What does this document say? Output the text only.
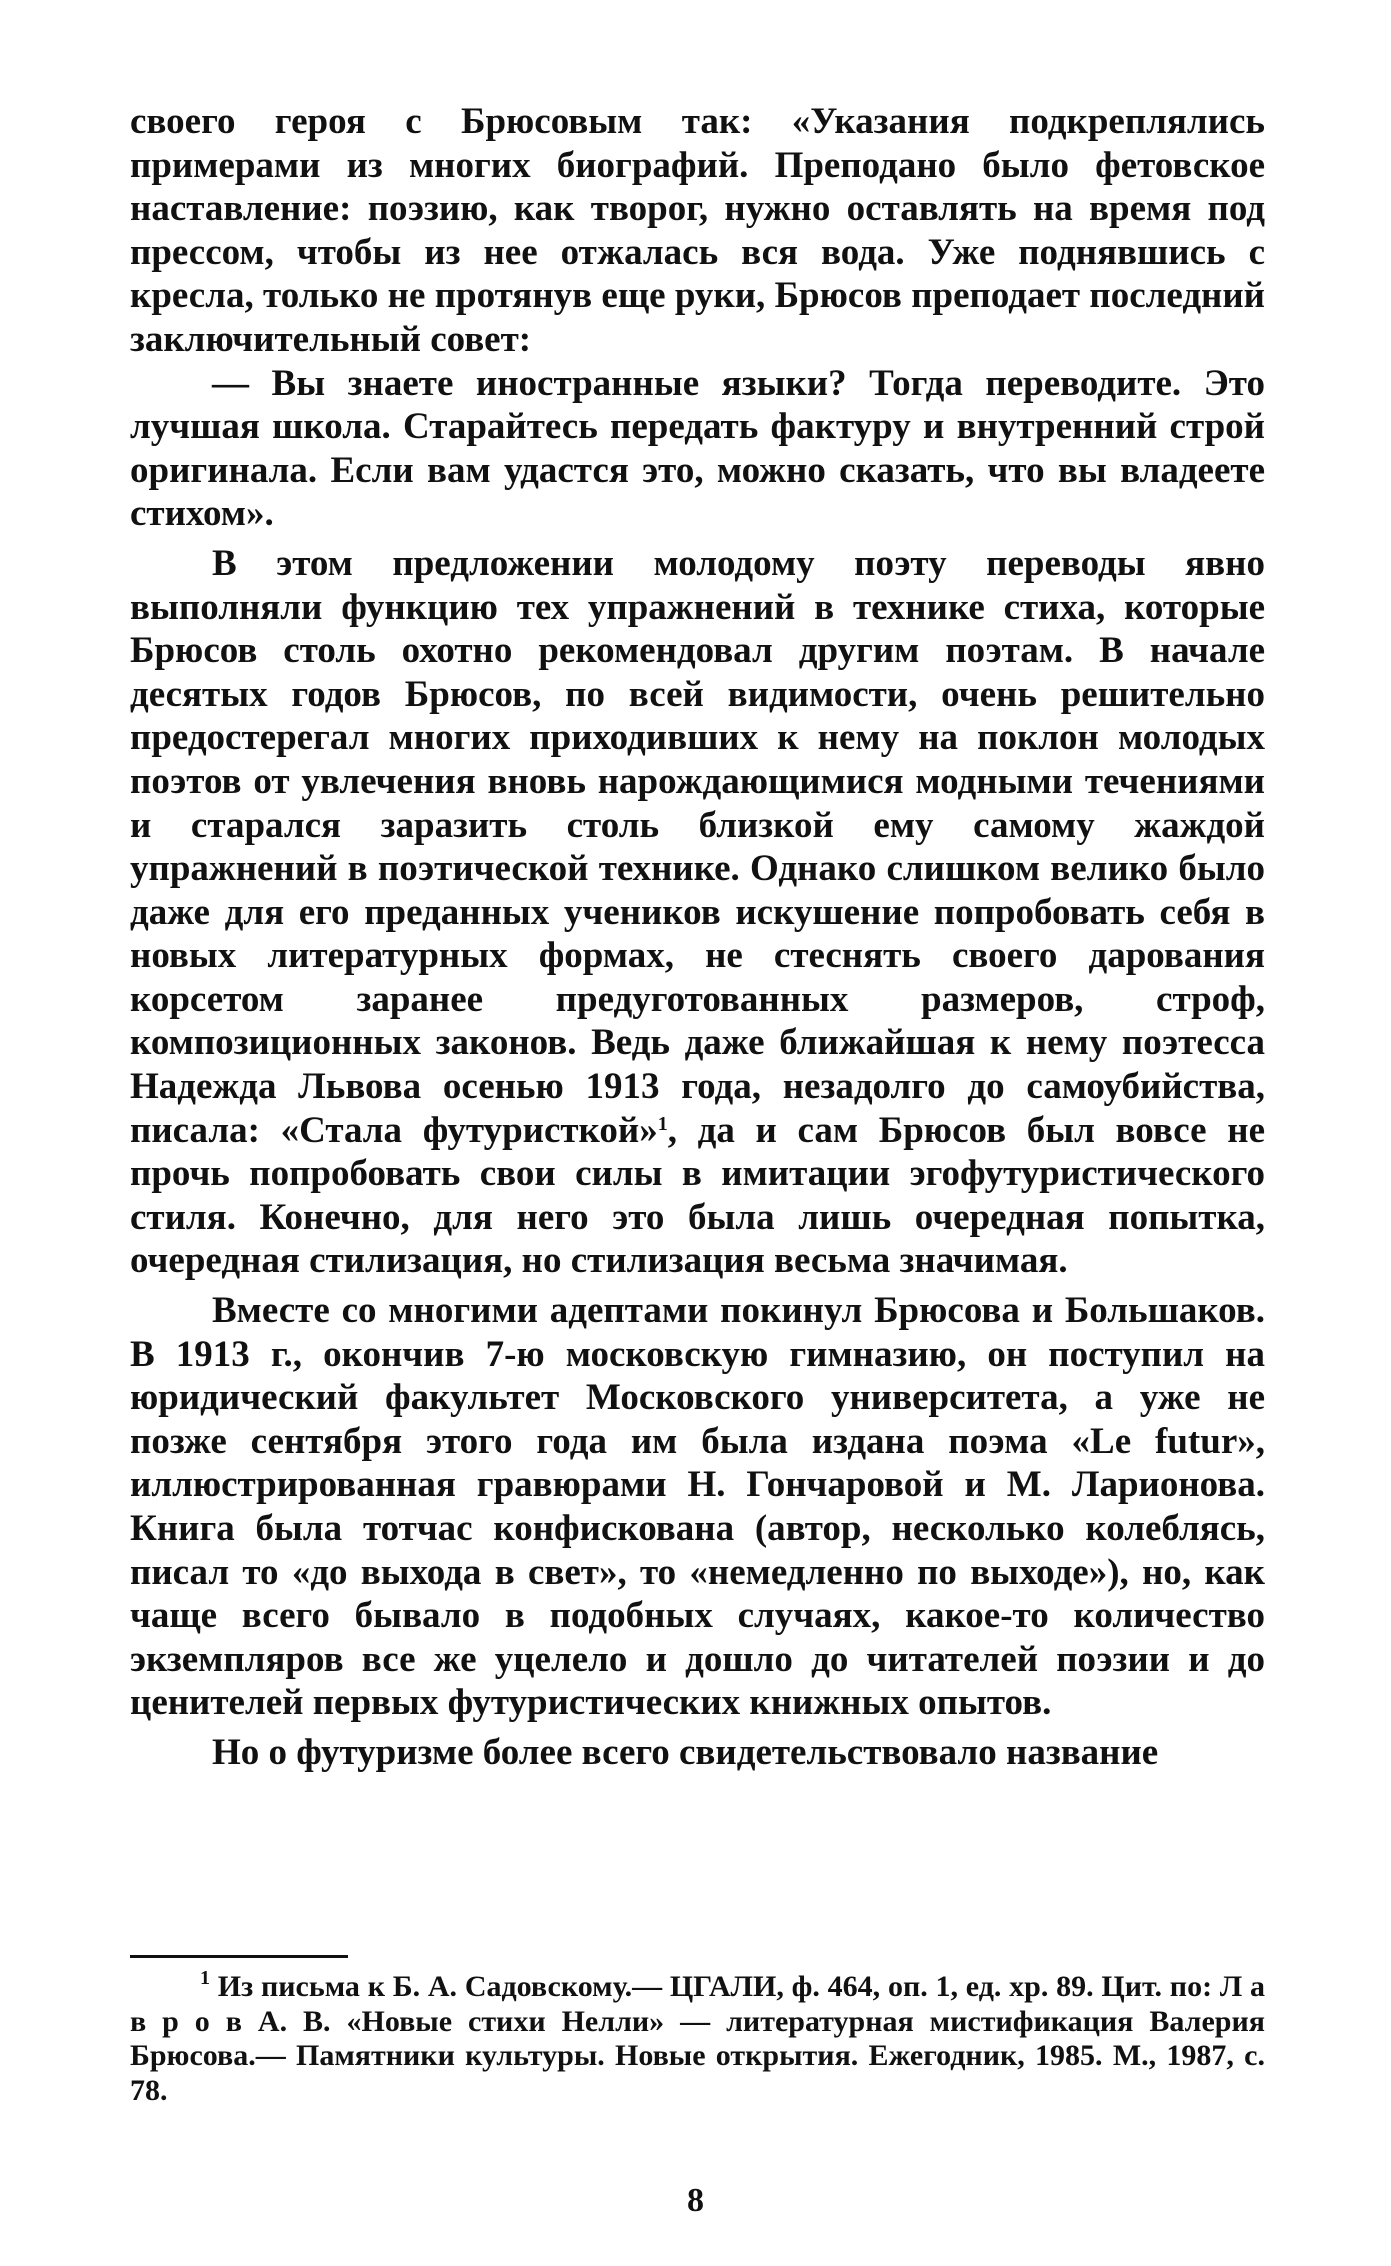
своего героя с Брюсовым так: «Указания подкреплялись примерами из многих биографий. Преподано было фетовское наставление: поэзию, как творог, нужно оставлять на время под прессом, чтобы из нее отжалась вся вода. Уже поднявшись с кресла, только не протянув еще руки, Брюсов преподает последний заключительный совет:

— Вы знаете иностранные языки? Тогда переводите. Это лучшая школа. Старайтесь передать фактуру и внутренний строй оригинала. Если вам удастся это, можно сказать, что вы владеете стихом».

В этом предложении молодому поэту переводы явно выполняли функцию тех упражнений в технике стиха, которые Брюсов столь охотно рекомендовал другим поэтам. В начале десятых годов Брюсов, по всей видимости, очень решительно предостерегал многих приходивших к нему на поклон молодых поэтов от увлечения вновь нарождающимися модными течениями и старался заразить столь близкой ему самому жаждой упражнений в поэтической технике. Однако слишком велико было даже для его преданных учеников искушение попробовать себя в новых литературных формах, не стеснять своего дарования корсетом заранее предуготованных размеров, строф, композиционных законов. Ведь даже ближайшая к нему поэтесса Надежда Львова осенью 1913 года, незадолго до самоубийства, писала: «Стала футуристкой»$^1$, да и сам Брюсов был вовсе не прочь попробовать свои силы в имитации эгофутуристического стиля. Конечно, для него это была лишь очередная попытка, очередная стилизация, но стилизация весьма значимая.

Вместе со многими адептами покинул Брюсова и Большаков. В 1913 г., окончив 7-ю московскую гимназию, он поступил на юридический факультет Московского университета, а уже не позже сентября этого года им была издана поэма «Le futur», иллюстрированная гравюрами Н. Гончаровой и М. Ларионова. Книга была тотчас конфискована (автор, несколько колеблясь, писал то «до выхода в свет», то «немедленно по выходе»), но, как чаще всего бывало в подобных случаях, какое-то количество экземпляров все же уцелело и дошло до читателей поэзии и до ценителей первых футуристических книжных опытов.

Но о футуризме более всего свидетельствовало название

$^1$ Из письма к Б. А. Садовскому.— ЦГАЛИ, ф. 464, оп. 1, ед. хр. 89. Цит. по: Л а в р о в А. В. «Новые стихи Нелли» — литературная мистификация Валерия Брюсова.— Памятники культуры. Новые открытия. Ежегодник, 1985. М., 1987, с. 78.

8
